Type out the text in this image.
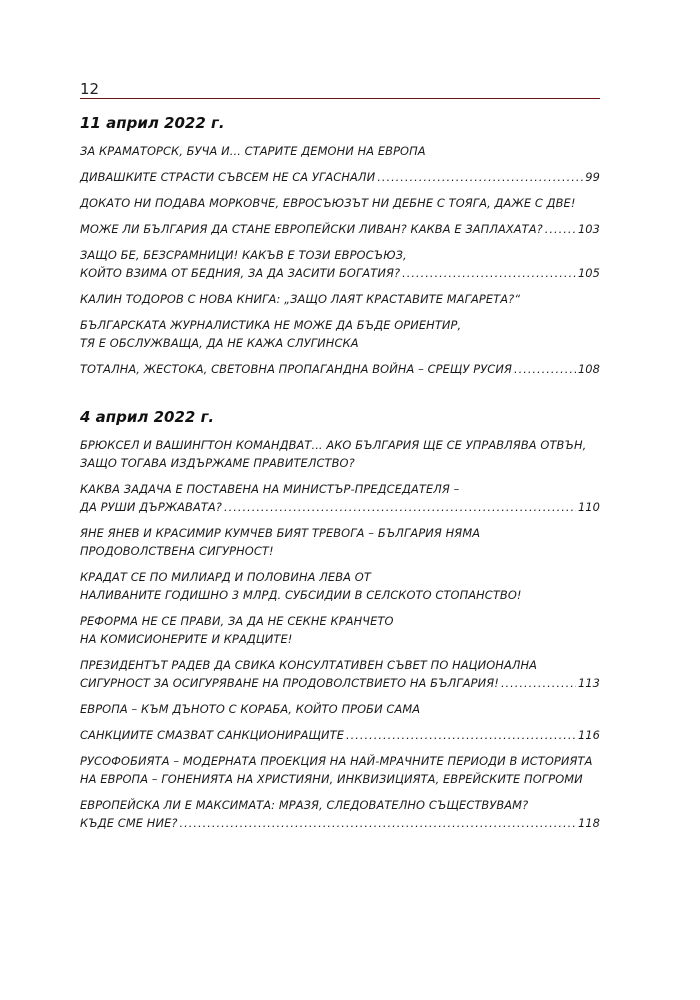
12
11 април 2022 г.
ЗА КРАМАТОРСК, БУЧА И... СТАРИТЕ ДЕМОНИ НА ЕВРОПА
ДИВАШКИТЕ СТРАСТИ СЪВСЕМ НЕ СА УГАСНАЛИ .....	99
ДОКАТО НИ ПОДАВА МОРКОВЧЕ, ЕВРОСЪЮЗЪТ НИ ДЕБНЕ С ТОЯГА, ДАЖЕ С ДВЕ!
МОЖЕ ЛИ БЪЛГАРИЯ ДА СТАНЕ ЕВРОПЕЙСКИ ЛИВАН? КАКВА Е ЗАПЛАХАТА? .....	103
ЗАЩО БЕ, БЕЗСРАМНИЦИ! КАКЪВ Е ТОЗИ ЕВРОСЪЮЗ,
КОЙТО ВЗИМА ОТ БЕДНИЯ, ЗА ДА ЗАСИТИ БОГАТИЯ? .....	105
КАЛИН ТОДОРОВ С НОВА КНИГА: „ЗАЩО ЛАЯТ КРАСТАВИТЕ МАГАРЕТА?“
БЪЛГАРСКАТА ЖУРНАЛИСТИКА НЕ МОЖЕ ДА БЪДЕ ОРИЕНТИР,
ТЯ Е ОБСЛУЖВАЩА, ДА НЕ КАЖА СЛУГИНСКА
ТОТАЛНА, ЖЕСТОКА, СВЕТОВНА ПРОПАГАНДНА ВОЙНА – СРЕЩУ РУСИЯ .....	108
4 април 2022 г.
БРЮКСЕЛ И ВАШИНГТОН КОМАНДВАТ... АКО БЪЛГАРИЯ ЩЕ СЕ УПРАВЛЯВА ОТВЪН,
ЗАЩО ТОГАВА ИЗДЪРЖАМЕ ПРАВИТЕЛСТВО?
КАКВА ЗАДАЧА Е ПОСТАВЕНА НА МИНИСТЪР-ПРЕДСЕДАТЕЛЯ –
ДА РУШИ ДЪРЖАВАТА? .....	110
ЯНЕ ЯНЕВ И КРАСИМИР КУМЧЕВ БИЯТ ТРЕВОГА – БЪЛГАРИЯ НЯМА
ПРОДОВОЛСТВЕНА СИГУРНОСТ!
КРАДАТ СЕ ПО МИЛИАРД И ПОЛОВИНА ЛЕВА ОТ
НАЛИВАНИТЕ ГОДИШНО 3 МЛРД. СУБСИДИИ В СЕЛСКОТО СТОПАНСТВО!
РЕФОРМА НЕ СЕ ПРАВИ, ЗА ДА НЕ СЕКНЕ КРАНЧЕТО
НА КОМИСИОНЕРИТЕ И КРАДЦИТЕ!
ПРЕЗИДЕНТЪТ РАДЕВ ДА СВИКА КОНСУЛТАТИВЕН СЪВЕТ ПО НАЦИОНАЛНА
СИГУРНОСТ ЗА ОСИГУРЯВАНЕ НА ПРОДОВОЛСТВИЕТО НА БЪЛГАРИЯ! .....	113
ЕВРОПА – КЪМ ДЪНОТО С КОРАБА, КОЙТО ПРОБИ САМА
САНКЦИИТЕ СМАЗВАТ САНКЦИОНИРАЩИТЕ .....	116
РУСОФОБИЯТА – МОДЕРНАТА ПРОЕКЦИЯ НА НАЙ-МРАЧНИТЕ ПЕРИОДИ В ИСТОРИЯТА
НА ЕВРОПА – ГОНЕНИЯТА НА ХРИСТИЯНИ, ИНКВИЗИЦИЯТА, ЕВРЕЙСКИТЕ ПОГРОМИ
ЕВРОПЕЙСКА ЛИ Е МАКСИМАТА: МРАЗЯ, СЛЕДОВАТЕЛНО СЪЩЕСТВУВАМ?
КЪДЕ СМЕ НИЕ? .....	118
